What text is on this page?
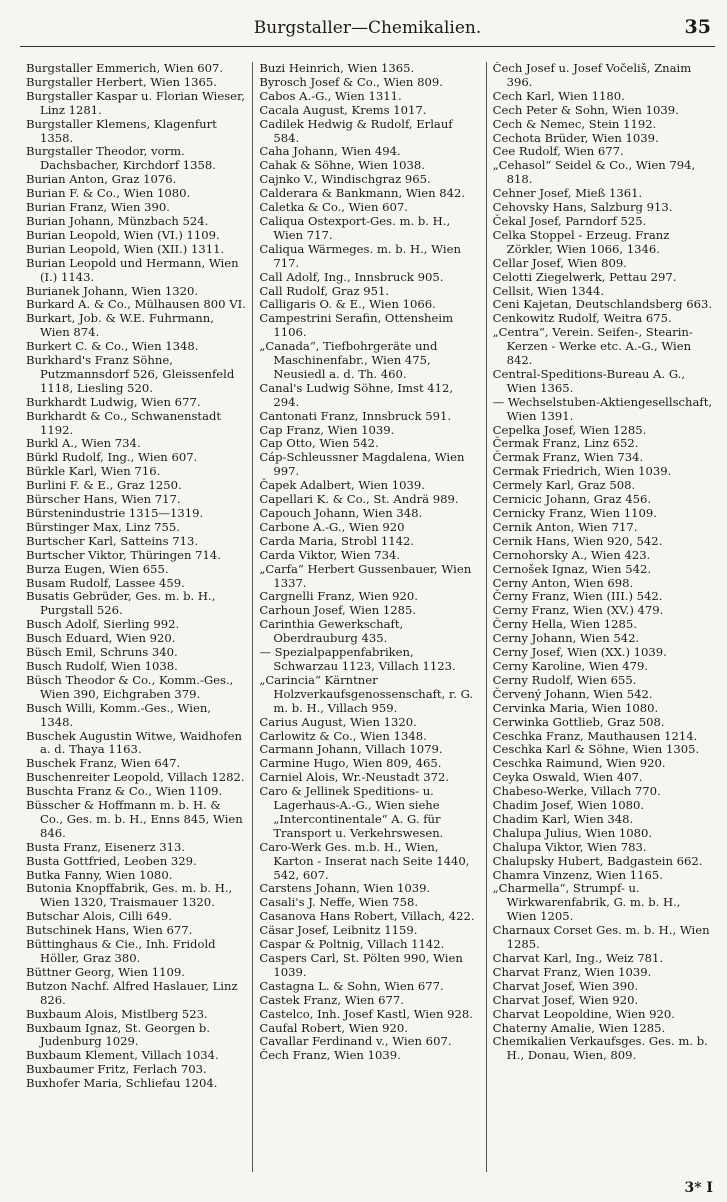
Burgstaller—Chemikalien.	35

Burgstaller Emmerich, Wien 607.

Burgstaller Herbert, Wien 1365.

Burgstaller Kaspar u. Florian Wieser, Linz 1281.

Burgstaller Klemens, Klagenfurt 1358.

Burgstaller Theodor, vorm. Dachsbacher, Kirchdorf 1358.

Burian Anton, Graz 1076.

Burian F. & Co., Wien 1080.

Burian Franz, Wien 390.

Burian Johann, Münzbach 524.

Burian Leopold, Wien (VI.) 1109.

Burian Leopold, Wien (XII.) 1311.

Burian Leopold und Hermann, Wien (I.) 1143.

Burianek Johann, Wien 1320.

Burkard A. & Co., Mülhausen 800 VI.

Burkart, Job. & W.E. Fuhrmann, Wien 874.

Burkert C. & Co., Wien 1348.

Burkhard's Franz Söhne, Putzmannsdorf 526, Gleissenfeld 1118, Liesling 520.

Burkhardt Ludwig, Wien 677.

Burkhardt & Co., Schwanenstadt 1192.

Burkl A., Wien 734.

Bürkl Rudolf, Ing., Wien 607.

Bürkle Karl, Wien 716.

Burlini F. & E., Graz 1250.

Bürscher Hans, Wien 717.

Bürstenindustrie 1315—1319.

Bürstinger Max, Linz 755.

Burtscher Karl, Satteins 713.

Burtscher Viktor, Thüringen 714.

Burza Eugen, Wien 655.

Busam Rudolf, Lassee 459.

Busatis Gebrüder, Ges. m. b. H., Purgstall 526.

Busch Adolf, Sierling 992.

Busch Eduard, Wien 920.

Büsch Emil, Schruns 340.

Busch Rudolf, Wien 1038.

Büsch Theodor & Co., Komm.-Ges., Wien 390, Eichgraben 379.

Busch Willi, Komm.-Ges., Wien, 1348.

Buschek Augustin Witwe, Waidhofen a. d. Thaya 1163.

Buschek Franz, Wien 647.

Buschenreiter Leopold, Villach 1282.

Buschta Franz & Co., Wien 1109.

Büsscher & Hoffmann m. b. H. & Co., Ges. m. b. H., Enns 845, Wien 846.

Busta Franz, Eisenerz 313.

Busta Gottfried, Leoben 329.

Butka Fanny, Wien 1080.

Butonia Knopffabrik, Ges. m. b. H., Wien 1320, Traismauer 1320.

Butschar Alois, Cilli 649.

Butschinek Hans, Wien 677.

Büttinghaus & Cie., Inh. Fridold Höller, Graz 380.

Büttner Georg, Wien 1109.

Butzon Nachf. Alfred Haslauer, Linz 826.

Buxbaum Alois, Mistlberg 523.

Buxbaum Ignaz, St. Georgen b. Judenburg 1029.

Buxbaum Klement, Villach 1034.

Buxbaumer Fritz, Ferlach 703.

Buxhofer Maria, Schliefau 1204.

Buzi Heinrich, Wien 1365.

Byrosch Josef & Co., Wien 809.

Cabos A.-G., Wien 1311.

Cacala August, Krems 1017.

Cadilek Hedwig & Rudolf, Erlauf 584.

Caha Johann, Wien 494.

Cahak & Söhne, Wien 1038.

Cajnko V., Windischgraz 965.

Calderara & Bankmann, Wien 842.

Caletka & Co., Wien 607.

Caliqua Ostexport-Ges. m. b. H., Wien 717.

Caliqua Wärmeges. m. b. H., Wien 717.

Call Adolf, Ing., Innsbruck 905.

Call Rudolf, Graz 951.

Calligaris O. & E., Wien 1066.

Campestrini Serafin, Ottensheim 1106.

„Canada“, Tiefbohrgeräte und Maschinenfabr., Wien 475, Neusiedl a. d. Th. 460.

Canal's Ludwig Söhne, Imst 412, 294.

Cantonati Franz, Innsbruck 591.

Cap Franz, Wien 1039.

Cap Otto, Wien 542.

Cáp-Schleussner Magdalena, Wien 997.

Čapek Adalbert, Wien 1039.

Capellari K. & Co., St. Andrä 989.

Capouch Johann, Wien 348.

Carbone A.-G., Wien 920

Carda Maria, Strobl 1142.

Carda Viktor, Wien 734.

„Carfa“ Herbert Gussenbauer, Wien 1337.

Cargnelli Franz, Wien 920.

Carhoun Josef, Wien 1285.

Carinthia Gewerkschaft, Oberdrauburg 435.

— Spezialpappenfabriken, Schwarzau 1123, Villach 1123.

„Carincia“ Kärntner Holzverkaufsgenossenschaft, r. G. m. b. H., Villach 959.

Carius August, Wien 1320.

Carlowitz & Co., Wien 1348.

Carmann Johann, Villach 1079.

Carmine Hugo, Wien 809, 465.

Carniel Alois, Wr.-Neustadt 372.

Caro & Jellinek Speditions- u. Lagerhaus-A.-G., Wien siehe „Intercontinentale“ A. G. für Transport u. Verkehrswesen.

Caro-Werk Ges. m.b. H., Wien, Karton - Inserat nach Seite 1440, 542, 607.

Carstens Johann, Wien 1039.

Casali's J. Neffe, Wien 758.

Casanova Hans Robert, Villach, 422.

Cäsar Josef, Leibnitz 1159.

Caspar & Poltnig, Villach 1142.

Caspers Carl, St. Pölten 990, Wien 1039.

Castagna L. & Sohn, Wien 677.

Castek Franz, Wien 677.

Castelco, Inh. Josef Kastl, Wien 928.

Caufal Robert, Wien 920.

Cavallar Ferdinand v., Wien 607.

Čech Franz, Wien 1039.

Čech Josef u. Josef Vočeliš, Znaim 396.

Cech Karl, Wien 1180.

Cech Peter & Sohn, Wien 1039.

Cech & Nemec, Stein 1192.

Cechota Brüder, Wien 1039.

Cee Rudolf, Wien 677.

„Cehasol“ Seidel & Co., Wien 794, 818.

Cehner Josef, Mieß 1361.

Cehovsky Hans, Salzburg 913.

Čekal Josef, Parndorf 525.

Celka Stoppel - Erzeug. Franz Zörkler, Wien 1066, 1346.

Cellar Josef, Wien 809.

Celotti Ziegelwerk, Pettau 297.

Cellsit, Wien 1344.

Ceni Kajetan, Deutschlandsberg 663.

Cenkowitz Rudolf, Weitra 675.

„Centra“, Verein. Seifen-, Stearin-Kerzen - Werke etc. A.-G., Wien 842.

Central-Speditions-Bureau A. G., Wien 1365.

— Wechselstuben-Aktiengesellschaft, Wien 1391.

Cepelka Josef, Wien 1285.

Čermak Franz, Linz 652.

Čermak Franz, Wien 734.

Cermak Friedrich, Wien 1039.

Cermely Karl, Graz 508.

Cernicic Johann, Graz 456.

Cernicky Franz, Wien 1109.

Cernik Anton, Wien 717.

Cernik Hans, Wien 920, 542.

Cernohorsky A., Wien 423.

Cernošek Ignaz, Wien 542.

Cerny Anton, Wien 698.

Černy Franz, Wien (III.) 542.

Cerny Franz, Wien (XV.) 479.

Černy Hella, Wien 1285.

Cerny Johann, Wien 542.

Cerny Josef, Wien (XX.) 1039.

Cerny Karoline, Wien 479.

Cerny Rudolf, Wien 655.

Červený Johann, Wien 542.

Cervinka Maria, Wien 1080.

Cerwinka Gottlieb, Graz 508.

Ceschka Franz, Mauthausen 1214.

Ceschka Karl & Söhne, Wien 1305.

Ceschka Raimund, Wien 920.

Ceyka Oswald, Wien 407.

Chabeso-Werke, Villach 770.

Chadim Josef, Wien 1080.

Chadim Karl, Wien 348.

Chalupa Julius, Wien 1080.

Chalupa Viktor, Wien 783.

Chalupsky Hubert, Badgastein 662.

Chamra Vinzenz, Wien 1165.

„Charmella“, Strumpf- u. Wirkwarenfabrik, G. m. b. H., Wien 1205.

Charnaux Corset Ges. m. b. H., Wien 1285.

Charvat Karl, Ing., Weiz 781.

Charvat Franz, Wien 1039.

Charvat Josef, Wien 390.

Charvat Josef, Wien 920.

Charvat Leopoldine, Wien 920.

Chaterny Amalie, Wien 1285.

Chemikalien Verkaufsges. Ges. m. b. H., Donau, Wien, 809.

3* I
